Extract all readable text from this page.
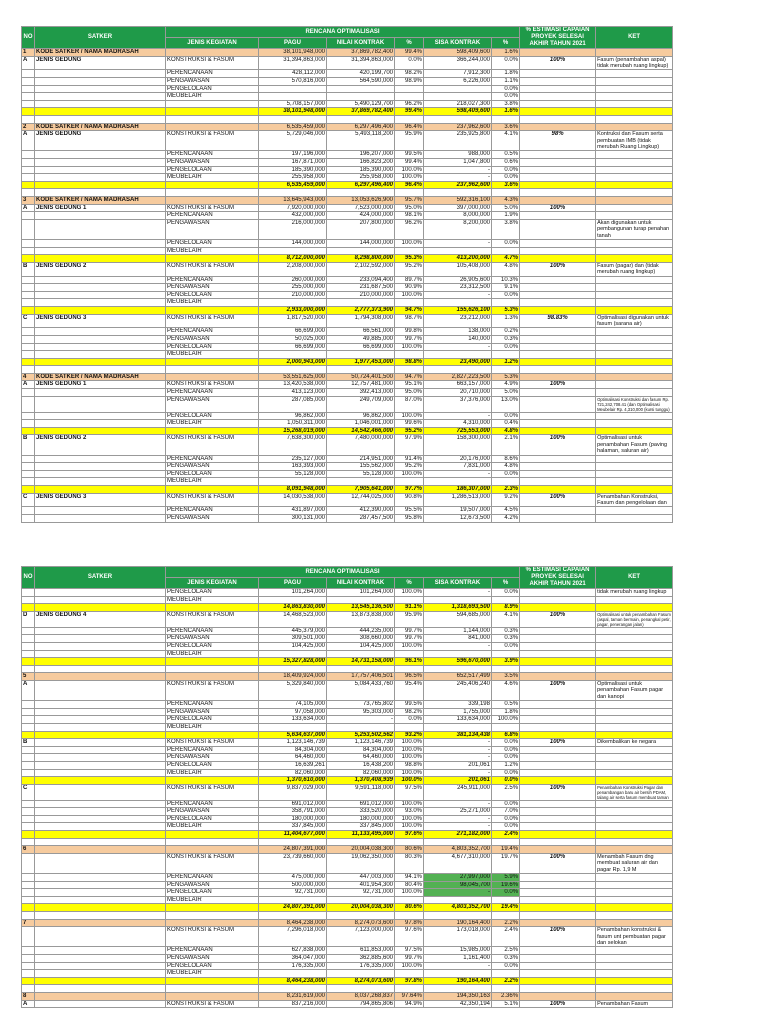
NO	SATKER	RENCANA OPTIMALISASI						% ESTIMASI CAPAIAN PROYEK SELESAI AKHIR TAHUN 2021	KET
		JENIS KEGIATAN	PAGU	NILAI KONTRAK	%	SISA KONTRAK	%		
1	KODE SATKER / NAMA MADRASAH		38,101,948,000	37,869,782,400	99.4%	598,409,600	1.6%		
A	JENIS GEDUNG	KONSTRUKSI & FASUM	31,394,863,000	31,394,863,000	0.0%	366,244,000	0.0%	100%	Fasum (penambahan aspal) tidak merubah ruang lingkup)
		PERENCANAAN	428,112,000	420,199,700	98.2%	7,912,300	1.8%		
		PENGAWASAN	570,816,000	564,590,000	98.9%	6,226,000	1.1%		
		PENGELOLAAN					0.0%		
		MEUBELAIR					0.0%		
			5,708,157,000	5,490,129,700	96.2%	218,027,300	3.8%		
			38,101,948,000	37,869,782,400	99.4%	598,409,600	1.6%		

2	KODE SATKER / NAMA MADRASAH		6,535,459,000	6,297,496,400	96.4%	237,962,600	3.6%		
A	JENIS GEDUNG	KONSTRUKSI & FASUM	5,729,046,000	5,493,118,200	95.9%	235,925,800	4.1%	98%	Kontruksi dan Fasum serta pembuatan IMB (tidak merubah Ruang Lingkup)
		PERENCANAAN	197,196,000	196,207,000	99.5%	988,000	0.5%		
		PENGAWASAN	167,871,000	166,823,200	99.4%	1,047,800	0.6%		
		PENGELOLAAN	185,390,000	185,390,000	100.0%	-	0.0%		
		MEUBELAIR	255,958,000	255,958,000	100.0%	-	0.0%		
			6,535,459,000	6,297,496,400	96.4%	237,962,600	3.6%		

3	KODE SATKER / NAMA MADRASAH		13,645,943,000	13,053,626,900	95.7%	592,316,100	4.3%		
A	JENIS GEDUNG 1	KONSTRUKSI & FASUM	7,920,000,000	7,523,000,000	95.0%	397,000,000	5.0%	100%	
		PERENCANAAN	432,000,000	424,000,000	98.1%	8,000,000	1.9%		
		PENGAWASAN	216,000,000	207,800,000	96.2%	8,200,000	3.8%		Akan digunakan untuk pembangunan turap penahan tanah
		PENGELOLAAN	144,000,000	144,000,000	100.0%	-	0.0%		
		MEUBELAIR							
			8,712,000,000	8,298,800,000	95.3%	413,200,000	4.7%		
B	JENIS GEDUNG 2	KONSTRUKSI & FASUM	2,208,000,000	2,102,592,000	95.2%	105,408,000	4.8%	100%	Fasum (pagar) dan (tidak merubah ruang lingkup)
		PERENCANAAN	260,000,000	233,094,400	89.7%	26,905,600	10.3%		
		PENGAWASAN	255,000,000	231,687,500	90.9%	23,312,500	9.1%		
		PENGELOLAAN	210,000,000	210,000,000	100.0%	-	0.0%		
		MEUBELAIR							
			2,933,000,000	2,777,373,900	94.7%	155,626,100	5.3%		
C	JENIS GEDUNG 3	KONSTRUKSI & FASUM	1,817,520,000	1,794,308,000	98.7%	23,212,000	1.3%	98.83%	Optimalisasi digunakan untuk fasum (sarana air)
		PERENCANAAN	66,699,000	66,561,000	99.8%	138,000	0.2%		
		PENGAWASAN	50,025,000	49,885,000	99.7%	140,000	0.3%		
		PENGELOLAAN	66,699,000	66,699,000	100.0%	-	0.0%		
		MEUBELAIR							
			2,000,943,000	1,977,453,000	98.8%	23,490,000	1.2%		

4	KODE SATKER / NAMA MADRASAH		53,551,625,000	50,724,401,500	94.7%	2,827,223,500	5.3%		
A	JENIS GEDUNG 1	KONSTRUKSI & FASUM	13,420,538,000	12,757,481,000	95.1%	663,157,000	4.9%	100%	
		PERENCANAAN	413,123,000	392,413,000	95.0%	20,710,000	5.0%		
		PENGAWASAN	287,085,000	249,709,000	87.0%	37,376,000	13.0%		Optimalisasi Konstruksi dan fasum Rp. 721,242,708.41 (dan Optimalisasi Meubelair Rp. 4,310,000 (kursi tunggu)
		PENGELOLAAN	96,862,000	96,862,000	100.0%	-	0.0%		
		MEUBELAIR	1,050,311,000	1,046,001,000	99.6%	4,310,000	0.4%		
			15,268,019,000	14,542,466,000	95.2%	725,553,000	4.8%		
B	JENIS GEDUNG 2	KONSTRUKSI & FASUM	7,638,300,000	7,480,000,000	97.9%	158,300,000	2.1%	100%	Optimalisasi untuk penambahan Fasum (paving halaman, saluran air)
		PERENCANAAN	235,127,000	214,951,000	91.4%	20,176,000	8.6%		
		PENGAWASAN	163,393,000	155,562,000	95.2%	7,831,000	4.8%		
		PENGELOLAAN	55,128,000	55,128,000	100.0%	-	0.0%		
		MEUBELAIR							
			8,091,948,000	7,905,641,000	97.7%	186,307,000	2.3%		
C	JENIS GEDUNG 3	KONSTRUKSI & FASUM	14,030,538,000	12,744,025,000	90.8%	1,286,513,000	9.2%	100%	Penambahan Konstruksi, Fasum dan pengelolaan dan
		PERENCANAAN	431,897,000	412,390,000	95.5%	19,507,000	4.5%		
		PENGAWASAN	300,131,000	287,457,500	95.8%	12,673,500	4.2%		
NO	SATKER	RENCANA OPTIMALISASI						% ESTIMASI CAPAIAN PROYEK SELESAI AKHIR TAHUN 2021	KET
		JENIS KEGIATAN	PAGU	NILAI KONTRAK	%	SISA KONTRAK	%		
		PENGELOLAAN	101,264,000	101,264,000	100.0%	-	0.0%		tidak merubah ruang lingkup
		MEUBELAIR							
			14,863,830,000	13,545,136,500	91.1%	1,318,693,500	8.9%		
D	JENIS GEDUNG 4	KONSTRUKSI & FASUM	14,468,523,000	13,873,838,000	95.9%	594,685,000	4.1%	100%	Optimalisasi untuk penambahan Fasum (aspal, taman bermain, penangkal petir, pagar, penerangan jalan)
		PERENCANAAN	445,379,000	444,235,000	99.7%	1,144,000	0.3%		
		PENGAWASAN	309,501,000	308,660,000	99.7%	841,000	0.3%		
		PENGELOLAAN	104,425,000	104,425,000	100.0%	-	0.0%		
		MEUBELAIR							
			15,327,828,000	14,731,158,000	96.1%	596,670,000	3.9%		

5			18,409,924,000	17,757,406,501	96.5%	652,517,499	3.5%		
A		KONSTRUKSI & FASUM	5,329,840,000	5,084,433,760	95.4%	245,406,240	4.6%	100%	Optimalisasi untuk penambahan Fasum pagar dan kanopi
		PERENCANAAN	74,105,000	73,765,802	99.5%	339,198	0.5%		
		PENGAWASAN	97,058,000	95,303,000	98.2%	1,755,000	1.8%		
		PENGELOLAAN	133,634,000	-	0.0%	133,634,000	100.0%		
		MEUBELAIR							
			5,634,637,000	5,253,502,562	93.2%	381,134,438	6.8%		
B		KONSTRUKSI & FASUM	1,123,146,739	1,123,146,739	100.0%	-	0.0%	100%	Dikembalikan ke negara
		PERENCANAAN	84,304,000	84,304,000	100.0%	-	0.0%		
		PENGAWASAN	64,460,000	64,460,000	100.0%	-	0.0%		
		PENGELOLAAN	16,639,261	16,438,200	98.8%	201,061	1.2%		
		MEUBELAIR	82,060,000	82,060,000	100.0%	-	0.0%		
			1,370,610,000	1,370,408,939	100.0%	201,061	0.0%		
C		KONSTRUKSI & FASUM	9,837,029,000	9,591,118,000	97.5%	245,911,000	2.5%	100%	Penambahan Konstruksi Pagar dan penambangan baru air bersih PDAM, talang air serta fasum membuat taman
		PERENCANAAN	691,012,000	691,012,000	100.0%	-	0.0%		
		PENGAWASAN	358,791,000	333,520,000	93.0%	25,271,000	7.0%		
		PENGELOLAAN	180,000,000	180,000,000	100.0%	-	0.0%		
		MEUBELAIR	337,845,000	337,845,000	100.0%	-	0.0%		
			11,404,677,000	11,133,495,000	97.6%	271,182,000	2.4%		

6			24,807,391,000	20,004,038,300	80.6%	4,803,352,700	19.4%		
		KONSTRUKSI & FASUM	23,739,660,000	19,062,350,000	80.3%	4,677,310,000	19.7%	100%	Menambah Fasum dng membuat saluran air dan pagar Rp. 1,9 M
		PERENCANAAN	475,000,000	447,003,000	94.1%	27,997,000	5.9%		
		PENGAWASAN	500,000,000	401,954,300	80.4%	98,045,700	19.6%		
		PENGELOLAAN	92,731,000	92,731,000	100.0%	-	0.0%		
		MEUBELAIR							
			24,807,391,000	20,004,038,300	80.6%	4,803,352,700	19.4%		

7			8,464,238,000	8,274,073,600	97.8%	190,164,400	2.2%		
		KONSTRUKSI & FASUM	7,296,018,000	7,123,000,000	97.6%	173,018,000	2.4%	100%	Penambahan konstruksi & fasum unt pembuatan pagar dan selokan
		PERENCANAAN	627,838,000	611,853,000	97.5%	15,985,000	2.5%		
		PENGAWASAN	364,047,000	362,885,600	99.7%	1,161,400	0.3%		
		PENGELOLAAN	176,335,000	176,335,000	100.0%	-	0.0%		
		MEUBELAIR							
			8,464,238,000	8,274,073,600	97.8%	190,164,400	2.2%		

8			8,231,619,000	8,037,268,837	97.64%	194,350,163	2.36%		
A		KONSTRUKSI & FASUM	837,216,000	794,865,806	94.9%	42,350,194	5.1%	100%	Penambahan Fasum
